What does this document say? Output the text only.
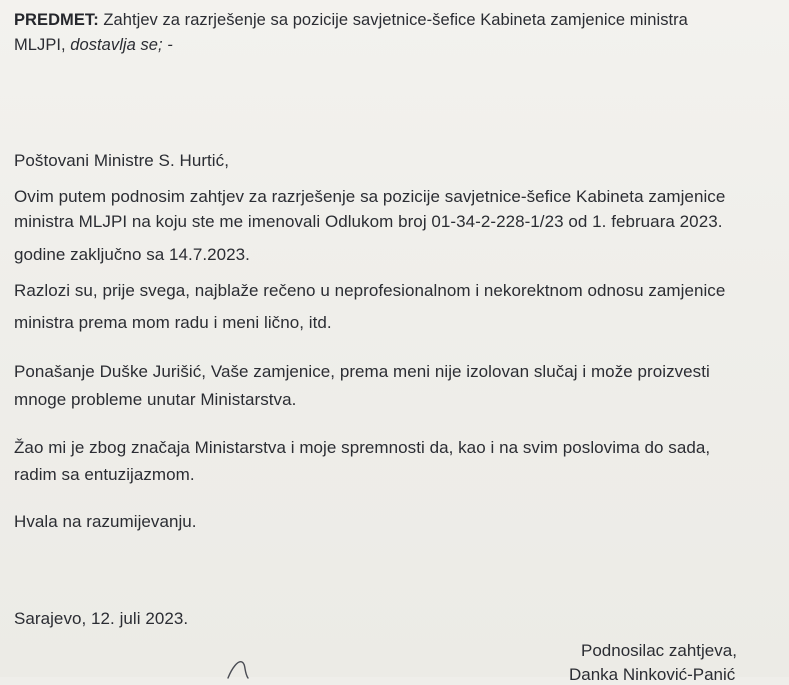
PREDMET: Zahtjev za razrješenje sa pozicije savjetnice-šefice Kabineta zamjenice ministra
MLJPI, dostavlja se; -
Poštovani Ministre S. Hurtić,
Ovim putem podnosim zahtjev za razrješenje sa pozicije savjetnice-šefice Kabineta zamjenice
ministra MLJPI na koju ste me imenovali Odlukom broj 01-34-2-228-1/23 od 1. februara 2023.
godine zaključno sa 14.7.2023.
Razlozi su, prije svega, najblaže rečeno u neprofesionalnom i nekorektnom odnosu zamjenice
ministra prema mom radu i meni lično, itd.
Ponašanje Duške Jurišić, Vaše zamjenice, prema meni nije izolovan slučaj i može proizvesti
mnoge probleme unutar Ministarstva.
Žao mi je zbog značaja Ministarstva i moje spremnosti da, kao i na svim poslovima do sada,
radim sa entuzijazmom.
Hvala na razumijevanju.
Sarajevo, 12. juli 2023.
Podnosilac zahtjeva,
Danka Ninković-Panić
